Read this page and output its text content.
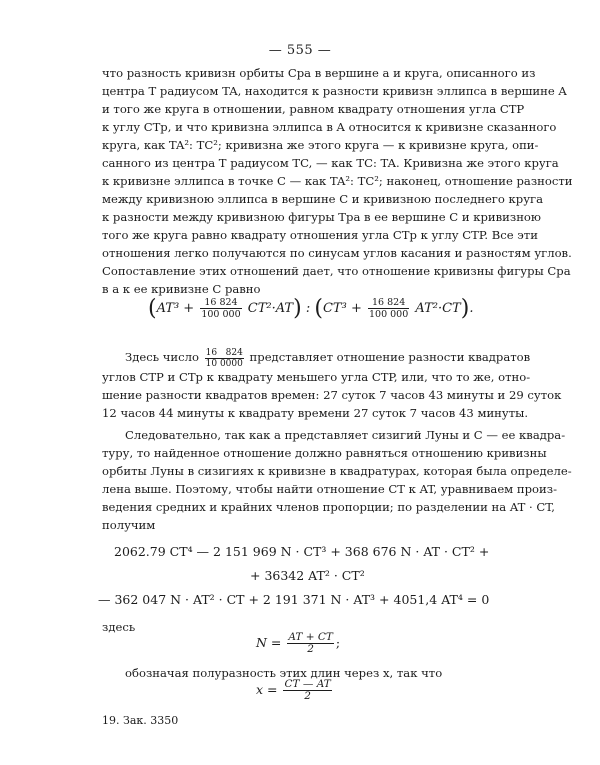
— 555 —
что разность кривизн орбиты Cpa в вершине a и круга, описанного из
центра T радиусом TA, находится к разности кривизн эллипса в вершине A
и того же круга в отношении, равном квадрату отношения угла CTP
к углу CTp, и что кривизна эллипса в A относится к кривизне сказанного
круга, как TA²: TC²; кривизна же этого круга — к кривизне круга, опи-
санного из центра T радиусом TC, — как TC: TA. Кривизна же этого круга
к кривизне эллипса в точке C — как TA²: TC²; наконец, отношение разности
между кривизною эллипса в вершине C и кривизною последнего круга
к разности между кривизною фигуры Tpa в ее вершине C и кривизною
того же круга равно квадрату отношения угла CTp к углу CTP. Все эти
отношения легко получаются по синусам углов касания и разностям углов.
Сопоставление этих отношений дает, что отношение кривизны фигуры Cpa
в a к ее кривизне C равно
$(AT^3 + \frac{16 824}{100 000} CT^2\cdot AT)$ : $(CT^3 + \frac{16 824}{100 000} AT^2\cdot CT)$.
Здесь число $\frac{16 824}{10 0000}$ представляет отношение разности квадратов
углов CTP и CTp к квадрату меньшего угла CTP, или, что то же, отно-
шение разности квадратов времен: 27 суток 7 часов 43 минуты и 29 суток
12 часов 44 минуты к квадрату времени 27 суток 7 часов 43 минуты.
Следовательно, так как a представляет сизигий Луны и C — ее квадра-
туру, то найденное отношение должно равняться отношению кривизны
орбиты Луны в сизигиях к кривизне в квадратурах, которая была определе-
лена выше. Поэтому, чтобы найти отношение CT к AT, уравниваем произ-
ведения средних и крайних членов пропорции; по разделении на AT · CT,
получим
2062.79 CT⁴ — 2 151 969 N · CT³ + 368 676 N · AT · CT² +
+ 36342 AT² · CT²
— 362 047 N · AT² · CT + 2 191 371 N · AT³ + 4051,4 AT⁴ = 0
здесь
$N = \frac{AT + CT}{2}$ ;
обозначая полуразность этих длин через x, так что
$x = \frac{CT — AT}{2}$
19. Зак. 3350
